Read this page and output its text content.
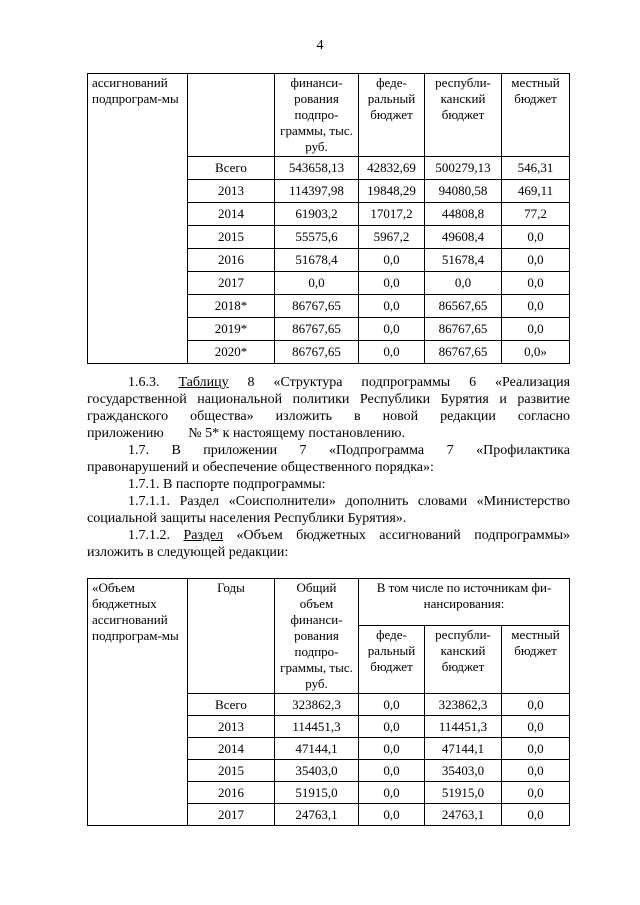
4
ассигнований подпрограм-мы		финанси-рования подпро-граммы, тыс. руб.	феде-ральный бюджет	республи-канский бюджет	местный бюджет
	Всего	543658,13	42832,69	500279,13	546,31
	2013	114397,98	19848,29	94080,58	469,11
	2014	61903,2	17017,2	44808,8	77,2
	2015	55575,6	5967,2	49608,4	0,0
	2016	51678,4	0,0	51678,4	0,0
	2017	0,0	0,0	0,0	0,0
	2018*	86767,65	0,0	86567,65	0,0
	2019*	86767,65	0,0	86767,65	0,0
	2020*	86767,65	0,0	86767,65	0,0»

1.6.3. Таблицу 8 «Структура подпрограммы 6 «Реализация

государственной национальной политики Республики Бурятия и развитие

гражданского общества» изложить в новой редакции согласно

приложению № 5* к настоящему постановлению.

1.7. В приложении 7 «Подпрограмма 7 «Профилактика

правонарушений и обеспечение общественного порядка»:

1.7.1. В паспорте подпрограммы:

1.7.1.1. Раздел «Соисполнители» дополнить словами «Министерство

социальной защиты населения Республики Бурятия».

1.7.1.2. Раздел «Объем бюджетных ассигнований подпрограммы»

изложить в следующей редакции:

«Объем бюджетных ассигнований подпрограм-мы	Годы	Общий объем финанси-рования подпро-граммы, тыс. руб.	В том числе по источникам фи-нансирования:		
			феде-ральный бюджет	республи-канский бюджет	местный бюджет
	Всего	323862,3	0,0	323862,3	0,0
	2013	114451,3	0,0	114451,3	0,0
	2014	47144,1	0,0	47144,1	0,0
	2015	35403,0	0,0	35403,0	0,0
	2016	51915,0	0,0	51915,0	0,0
	2017	24763,1	0,0	24763,1	0,0
